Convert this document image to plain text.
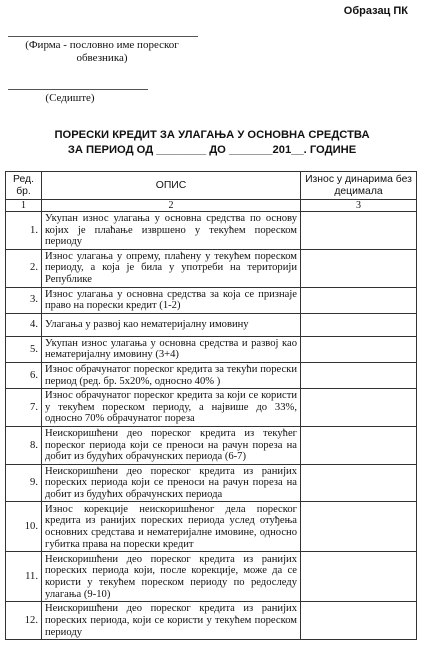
Образац ПК
(Фирма - пословно име пореског обвезника)
(Седиште)
ПОРЕСКИ КРЕДИТ ЗА УЛАГАЊА У ОСНОВНА СРЕДСТВА
ЗА ПЕРИОД ОД ________ ДО _______201__. ГОДИНЕ
Ред. бр.	ОПИС	Износ у динарима без децимала
1	2	3
1.	Укупан износ улагања у основна средства по основу којих је плаћање извршено у текућем пореском периоду	
2.	Износ улагања у опрему, плаћену у текућем пореском периоду, а која је била у употреби на територији Републике	
3.	Износ улагања у основна средства за која се признаје право на порески кредит (1-2)	
4.	Улагања у развој као нематеријалну имовину	
5.	Укупан износ улагања у основна средства и развој као нематеријалну имовину (3+4)	
6.	Износ обрачунатог пореског кредита за текући порески период (ред. бр. 5х20%, односно 40% )	
7.	Износ обрачунатог пореског кредита за који се користи у текућем пореском периоду, а највише до 33%, односно 70% обрачунатог пореза	
8.	Неискоришћени део пореског кредита из текућег пореског периода који се преноси на рачун пореза на добит из будућих обрачунских периода (6-7)	
9.	Неискоришћени део пореског кредита из ранијих пореских периода који се преноси на рачун пореза на добит из будућих обрачунских периода	
10.	Износ корекције неискоришћеног дела пореског кредита из ранијих пореских периода услед отуђења основних средстава и нематеријалне имовине, односно губитка права на порески кредит	
11.	Неискоришћени део пореског кредита из ранијих пореских периода који, после корекције, може да се користи у текућем пореском периоду по редоследу улагања (9-10)	
12.	Неискоришћени део пореског кредита из ранијих пореских периода, који се користи у текућем пореском периоду	
